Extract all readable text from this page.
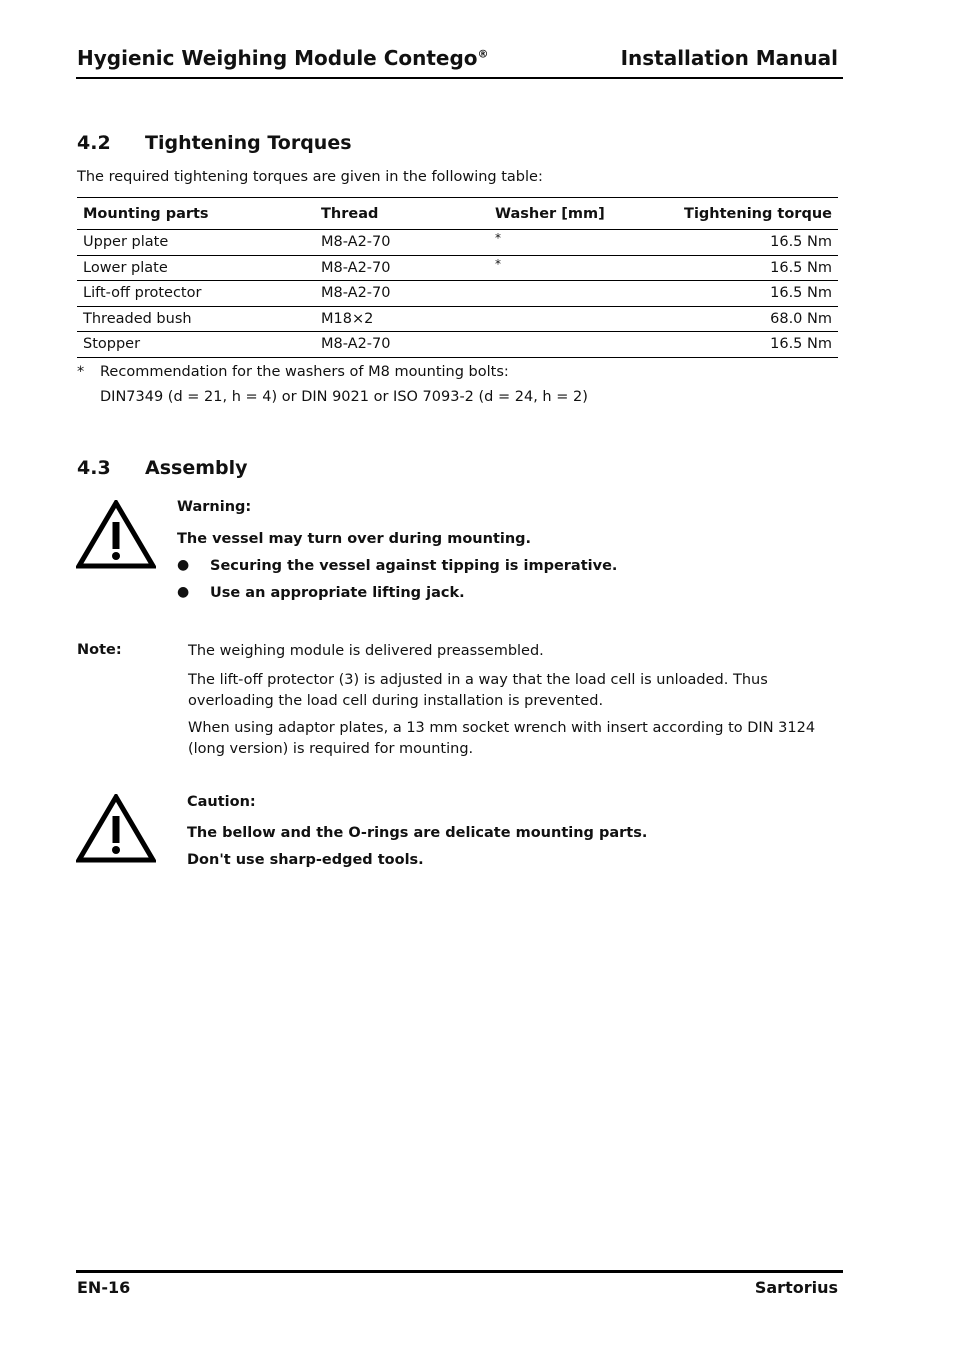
Hygienic Weighing Module Contego®	Installation Manual
4.2 Tightening Torques
The required tightening torques are given in the following table:
Mounting parts	Thread	Washer [mm]	Tightening torque
Upper plate	M8-A2-70	*	16.5 Nm
Lower plate	M8-A2-70	*	16.5 Nm
Lift-off protector	M8-A2-70		16.5 Nm
Threaded bush	M18×2		68.0 Nm
Stopper	M8-A2-70		16.5 Nm
* Recommendation for the washers of M8 mounting bolts:
DIN7349 (d = 21, h = 4) or DIN 9021 or ISO 7093-2 (d = 24, h = 2)
4.3 Assembly
Warning:
The vessel may turn over during mounting.
● Securing the vessel against tipping is imperative.
● Use an appropriate lifting jack.
Note:	The weighing module is delivered preassembled.
The lift-off protector (3) is adjusted in a way that the load cell is unloaded. Thus
overloading the load cell during installation is prevented.
When using adaptor plates, a 13 mm socket wrench with insert according to DIN 3124
(long version) is required for mounting.
Caution:
The bellow and the O-rings are delicate mounting parts.
Don't use sharp-edged tools.
EN-16	Sartorius
